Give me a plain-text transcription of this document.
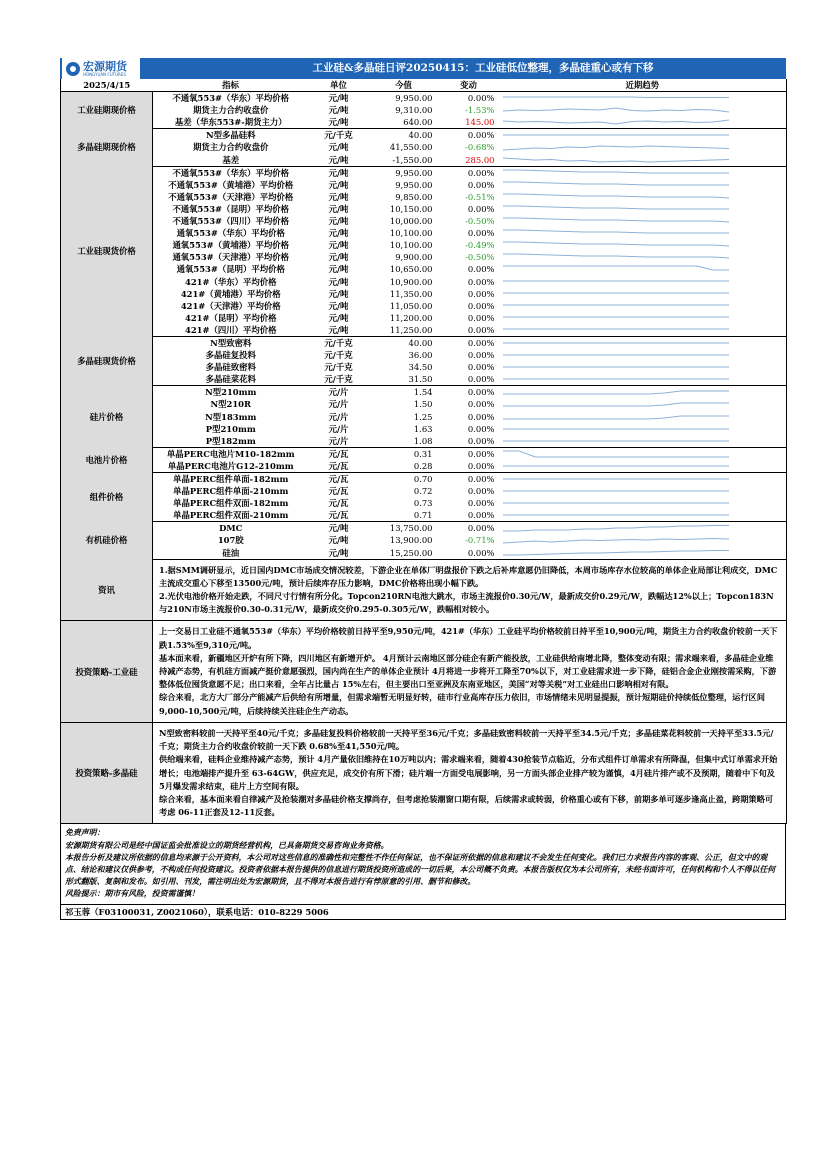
宏源期货
HONGYUAN FUTURES	工业硅&多晶硅日评20250415：工业硅低位整理，多晶硅重心或有下移
2025/4/15	指标	单位	今值	变动	近期趋势
工业硅期现价格	不通氧553#（华东）平均价格	元/吨	9,950.00	0.00%	

	期货主力合约收盘价	元/吨	9,310.00	-1.53%	

	基差（华东553#-期货主力）	元/吨	640.00	145.00	

多晶硅期现价格	N型多晶硅料	元/千克	40.00	0.00%	

	期货主力合约收盘价	元/吨	41,550.00	-0.68%	

	基差	元/吨	-1,550.00	285.00	

工业硅现货价格	不通氧553#（华东）平均价格	元/吨	9,950.00	0.00%	

	不通氧553#（黄埔港）平均价格	元/吨	9,950.00	0.00%	

	不通氧553#（天津港）平均价格	元/吨	9,850.00	-0.51%	

	不通氧553#（昆明）平均价格	元/吨	10,150.00	0.00%	

	不通氧553#（四川）平均价格	元/吨	10,000.00	-0.50%	

	通氧553#（华东）平均价格	元/吨	10,100.00	0.00%	

	通氧553#（黄埔港）平均价格	元/吨	10,100.00	-0.49%	

	通氧553#（天津港）平均价格	元/吨	9,900.00	-0.50%	

	通氧553#（昆明）平均价格	元/吨	10,650.00	0.00%	

	421#（华东）平均价格	元/吨	10,900.00	0.00%	

	421#（黄埔港）平均价格	元/吨	11,350.00	0.00%	

	421#（天津港）平均价格	元/吨	11,050.00	0.00%	

	421#（昆明）平均价格	元/吨	11,200.00	0.00%	

	421#（四川）平均价格	元/吨	11,250.00	0.00%	

多晶硅现货价格	N型致密料	元/千克	40.00	0.00%	

	多晶硅复投料	元/千克	36.00	0.00%	

	多晶硅致密料	元/千克	34.50	0.00%	

	多晶硅菜花料	元/千克	31.50	0.00%	

硅片价格	N型210mm	元/片	1.54	0.00%	

	N型210R	元/片	1.50	0.00%	

	N型183mm	元/片	1.25	0.00%	

	P型210mm	元/片	1.63	0.00%	

	P型182mm	元/片	1.08	0.00%	

电池片价格	单晶PERC电池片M10-182mm	元/瓦	0.31	0.00%	

	单晶PERC电池片G12-210mm	元/瓦	0.28	0.00%	

组件价格	单晶PERC组件单面-182mm	元/瓦	0.70	0.00%	

	单晶PERC组件单面-210mm	元/瓦	0.72	0.00%	

	单晶PERC组件双面-182mm	元/瓦	0.73	0.00%	

	单晶PERC组件双面-210mm	元/瓦	0.71	0.00%	

有机硅价格	DMC	元/吨	13,750.00	0.00%	

	107胶	元/吨	13,900.00	-0.71%	

	硅油	元/吨	15,250.00	0.00%	

资讯	1.据SMM调研显示，近日国内DMC市场成交情况较差，下游企业在单体厂明盘报价下跌之后补库意愿仍旧降低，本周市场库存水位较高的单体企业局部让利成交，DMC主流成交重心下移至13500元/吨，预计后续库存压力影响，DMC价格将出现小幅下跌。
2.光伏电池价格开始走跌，不同尺寸行情有所分化。Topcon210RN电池大跳水，市场主流报价0.30元/W，最新成交价0.29元/W，跌幅达12%以上；Topcon183N与210N市场主流报价0.30-0.31元/W，最新成交价0.295-0.305元/W，跌幅相对较小。				

投资策略-工业硅	上一交易日工业硅不通氧553#（华东）平均价格较前日持平至9,950元/吨，421#（华东）工业硅平均价格较前日持平至10,900元/吨，期货主力合约收盘价较前一天下跌1.53%至9,310元/吨。
基本面来看，新疆地区开炉有所下降，四川地区有新增开炉。 4月预计云南地区部分硅企有新产能投放，工业硅供给南增北降，整体变动有限；需求端来看，多晶硅企业维持减产态势，有机硅方面减产挺价意愿强烈，国内尚在生产的单体企业预计 4月将进一步将开工降至70%以下，对工业硅需求进一步下降，硅铝合金企业刚按需采购，下游整体低位囤货意愿不足；出口来看，全年占比量占 15%左右，但主要出口至亚洲及东南亚地区，美国“对等关税”对工业硅出口影响相对有限。
综合来看，北方大厂部分产能减产后供给有所增量，但需求端暂无明显好转，硅市行业高库存压力依旧，市场情绪未见明显提振，预计短期硅价持续低位整理，运行区间 9,000-10,500元/吨，后续持续关注硅企生产动态。				

投资策略-多晶硅	N型致密料较前一天持平至40元/千克；多晶硅复投料价格较前一天持平至36元/千克；多晶硅致密料较前一天持平至34.5元/千克；多晶硅菜花料较前一天持平至33.5元/千克；期货主力合约收盘价较前一天下跌 0.68%至41,550元/吨。
供给端来看，硅料企业维持减产态势，预计 4月产量依旧维持在10万吨以内；需求端来看，随着430抢装节点临近，分布式组件订单需求有所降温，但集中式订单需求开始增长；电池端排产提升至 63-64GW，供应充足，成交价有所下滑；硅片端一方面受电展影响，另一方面头部企业排产较为谨慎，4月硅片排产或不及预期，随着中下旬及5月爆发需求结束，硅片上方空间有限。
综合来看，基本面来看自律减产及抢装潮对多晶硅价格支撑尚存，但考虑抢装潮窗口期有限，后续需求或转弱，价格重心或有下移，前期多单可逐步逢高止盈，跨期策略可考虑 06-11正套及12-11反套。				
免责声明：
宏源期货有限公司是经中国证监会批准设立的期货经营机构，已具备期货交易咨询业务资格。
本报告分析及建议所依据的信息均来源于公开资料，本公司对这些信息的准确性和完整性不作任何保证，也不保证所依据的信息和建议不会发生任何变化。我们已力求报告内容的客观、公正，但文中的观点、结论和建议仅供参考，不构成任何投资建议。投资者依据本报告提供的信息进行期货投资所造成的一切后果，本公司概不负责。本报告版权仅为本公司所有，未经书面许可，任何机构和个人不得以任何形式翻版、复制和发布。如引用、刊发，需注明出处为宏源期货，且不得对本报告进行有悖原意的引用、删节和修改。
风险提示：期市有风险，投资需谨慎！
祁玉蓉（F03100031, Z0021060），联系电话：010-8229 5006
